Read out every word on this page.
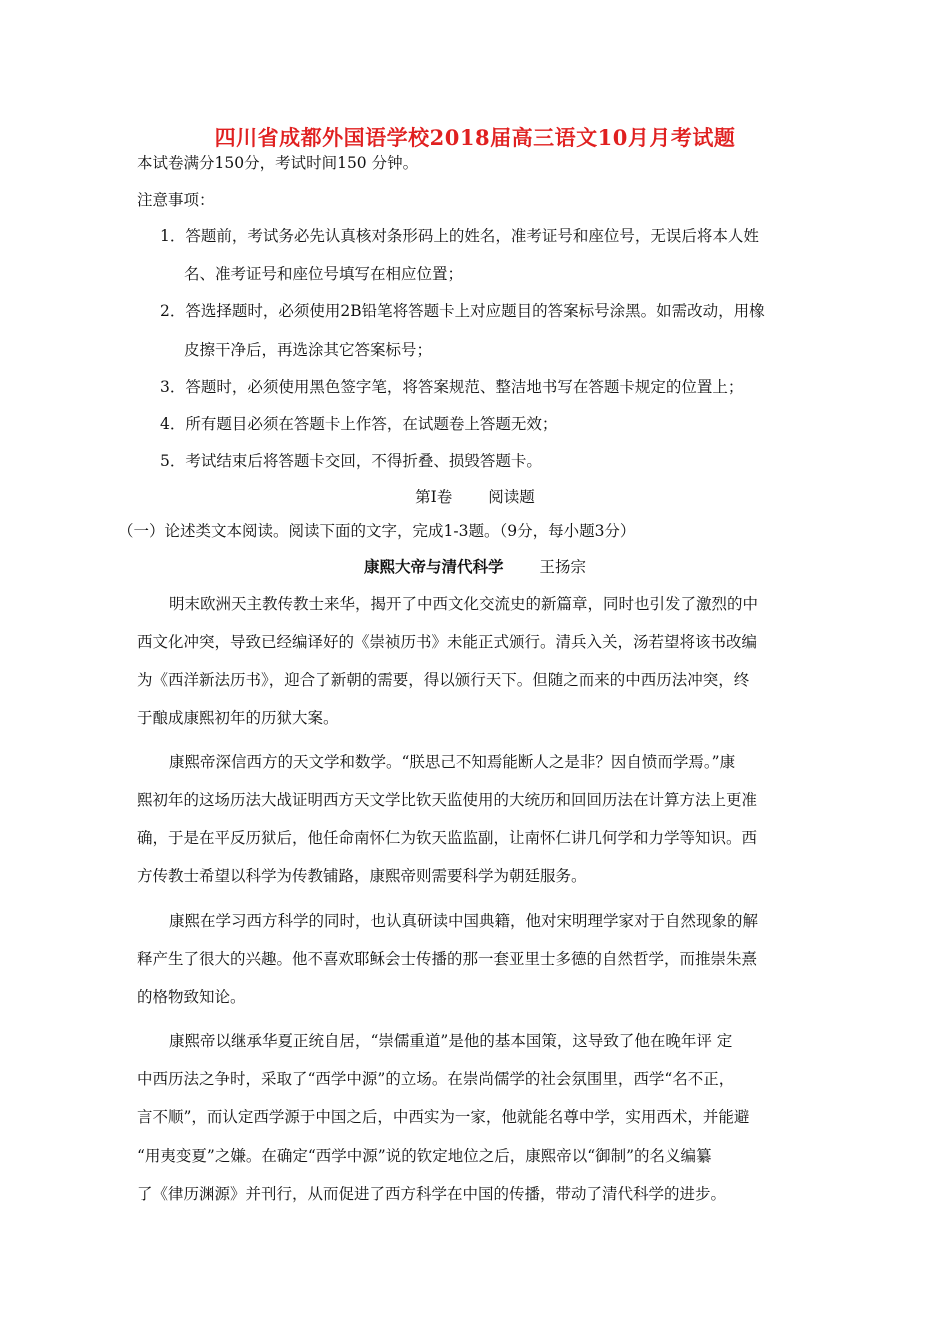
四川省成都外国语学校2018届高三语文10月月考试题
本试卷满分150分，考试时间150 分钟。
注意事项：
1．答题前，考试务必先认真核对条形码上的姓名，准考证号和座位号，无误后将本人姓
名、准考证号和座位号填写在相应位置；
2．答选择题时，必须使用2B铅笔将答题卡上对应题目的答案标号涂黑。如需改动，用橡
皮擦干净后，再选涂其它答案标号；
3．答题时，必须使用黑色签字笔，将答案规范、整洁地书写在答题卡规定的位置上；
4．所有题目必须在答题卡上作答，在试题卷上答题无效；
5．考试结束后将答题卡交回，不得折叠、损毁答题卡。
第Ⅰ卷 阅读题
（一）论述类文本阅读。阅读下面的文字，完成1-3题。（9分，每小题3分）
康熙大帝与清代科学 王扬宗
明末欧洲天主教传教士来华，揭开了中西文化交流史的新篇章，同时也引发了激烈的中
西文化冲突，导致已经编译好的《崇祯历书》未能正式颁行。清兵入关，汤若望将该书改编
为《西洋新法历书》，迎合了新朝的需要，得以颁行天下。但随之而来的中西历法冲突，终
于酿成康熙初年的历狱大案。
康熙帝深信西方的天文学和数学。“朕思己不知焉能断人之是非？因自愤而学焉。”康
熙初年的这场历法大战证明西方天文学比钦天监使用的大统历和回回历法在计算方法上更准
确，于是在平反历狱后，他任命南怀仁为钦天监监副，让南怀仁讲几何学和力学等知识。西
方传教士希望以科学为传教铺路，康熙帝则需要科学为朝廷服务。
康熙在学习西方科学的同时，也认真研读中国典籍，他对宋明理学家对于自然现象的解
释产生了很大的兴趣。他不喜欢耶稣会士传播的那一套亚里士多德的自然哲学，而推崇朱熹
的格物致知论。
康熙帝以继承华夏正统自居，“崇儒重道”是他的基本国策，这导致了他在晚年评 定
中西历法之争时，采取了“西学中源”的立场。在崇尚儒学的社会氛围里，西学“名不正，
言不顺”，而认定西学源于中国之后，中西实为一家，他就能名尊中学，实用西术，并能避
“用夷变夏”之嫌。在确定“西学中源”说的钦定地位之后，康熙帝以“御制”的名义编纂
了《律历渊源》并刊行，从而促进了西方科学在中国的传播，带动了清代科学的进步。
